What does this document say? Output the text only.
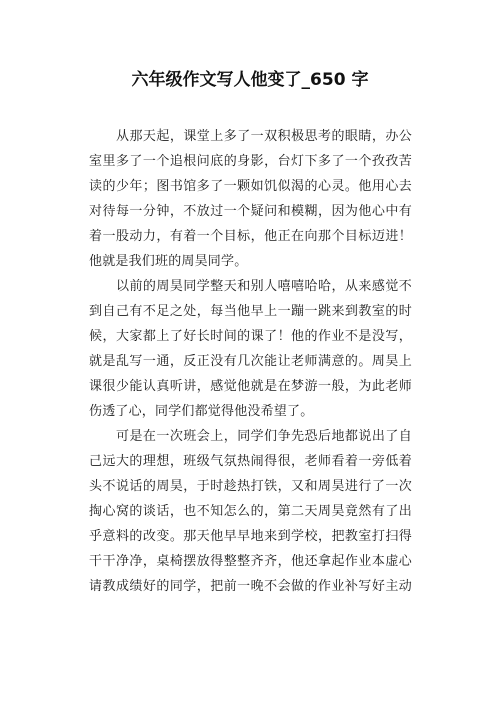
六年级作文写人他变了_650 字
从那天起，课堂上多了一双积极思考的眼睛，办公
室里多了一个追根问底的身影，台灯下多了一个孜孜苦
读的少年；图书馆多了一颗如饥似渴的心灵。他用心去
对待每一分钟，不放过一个疑问和模糊，因为他心中有
着一股动力，有着一个目标，他正在向那个目标迈进！
他就是我们班的周昊同学。
以前的周昊同学整天和别人嘻嘻哈哈，从来感觉不
到自己有不足之处，每当他早上一蹦一跳来到教室的时
候，大家都上了好长时间的课了！他的作业不是没写，
就是乱写一通，反正没有几次能让老师满意的。周昊上
课很少能认真听讲，感觉他就是在梦游一般，为此老师
伤透了心，同学们都觉得他没希望了。
可是在一次班会上，同学们争先恐后地都说出了自
己远大的理想，班级气氛热闹得很，老师看着一旁低着
头不说话的周昊，于时趁热打铁，又和周昊进行了一次
掏心窝的谈话，也不知怎么的，第二天周昊竟然有了出
乎意料的改变。那天他早早地来到学校，把教室打扫得
干干净净，桌椅摆放得整整齐齐，他还拿起作业本虚心
请教成绩好的同学，把前一晚不会做的作业补写好主动
